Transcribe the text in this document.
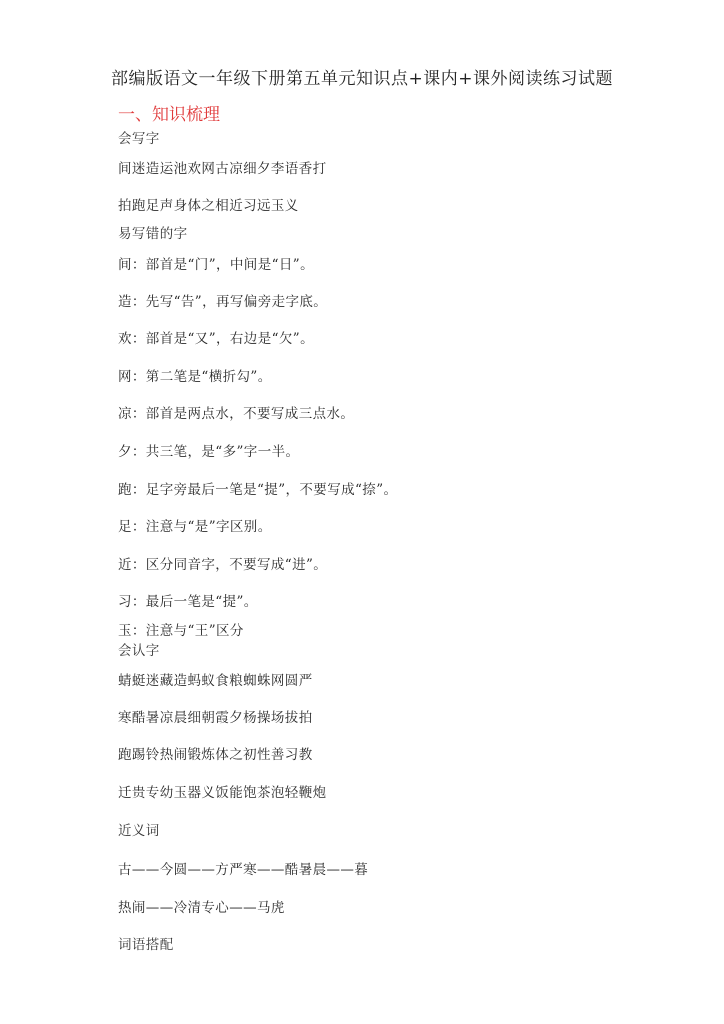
部编版语文一年级下册第五单元知识点+课内+课外阅读练习试题
一、知识梳理
会写字
间迷造运池欢网古凉细夕李语香打
拍跑足声身体之相近习远玉义
易写错的字
间：部首是“门”，中间是“日”。
造：先写“告”，再写偏旁走字底。
欢：部首是“又”，右边是“欠”。
网：第二笔是“横折勾”。
凉：部首是两点水，不要写成三点水。
夕：共三笔，是“多”字一半。
跑：足字旁最后一笔是“提”，不要写成“捺”。
足：注意与“是”字区别。
近：区分同音字，不要写成“进”。
习：最后一笔是“提”。
玉：注意与“王”区分
会认字
蜻蜓迷藏造蚂蚁食粮蜘蛛网圆严
寒酷暑凉晨细朝霞夕杨操场拔拍
跑踢铃热闹锻炼体之初性善习教
迁贵专幼玉器义饭能饱茶泡轻鞭炮
近义词
古——今圆——方严寒——酷暑晨——暮
热闹——冷清专心——马虎
词语搭配
